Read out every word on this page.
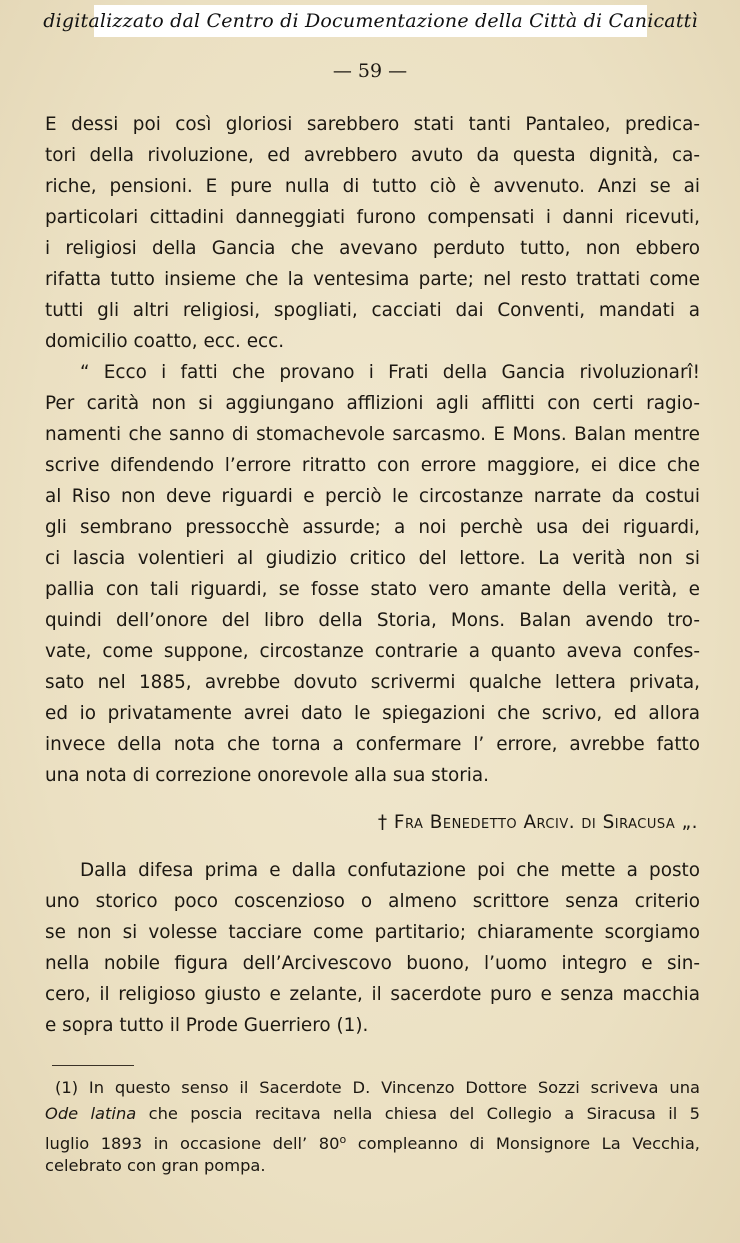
digitalizzato dal Centro di Documentazione della Città di Canicattì
— 59 —
E dessi poi così gloriosi sarebbero stati tanti Pantaleo, predica-
tori della rivoluzione, ed avrebbero avuto da questa dignità, ca-
riche, pensioni. E pure nulla di tutto ciò è avvenuto. Anzi se ai
particolari cittadini danneggiati furono compensati i danni ricevuti,
i religiosi della Gancia che avevano perduto tutto, non ebbero
rifatta tutto insieme che la ventesima parte; nel resto trattati come
tutti gli altri religiosi, spogliati, cacciati dai Conventi, mandati a
domicilio coatto, ecc. ecc.
“ Ecco i fatti che provano i Frati della Gancia rivoluzionarî!
Per carità non si aggiungano afflizioni agli afflitti con certi ragio-
namenti che sanno di stomachevole sarcasmo. E Mons. Balan mentre
scrive difendendo l’errore ritratto con errore maggiore, ei dice che
al Riso non deve riguardi e perciò le circostanze narrate da costui
gli sembrano pressocchè assurde; a noi perchè usa dei riguardi,
ci lascia volentieri al giudizio critico del lettore. La verità non si
pallia con tali riguardi, se fosse stato vero amante della verità, e
quindi dell’onore del libro della Storia, Mons. Balan avendo tro-
vate, come suppone, circostanze contrarie a quanto aveva confes-
sato nel 1885, avrebbe dovuto scrivermi qualche lettera privata,
ed io privatamente avrei dato le spiegazioni che scrivo, ed allora
invece della nota che torna a confermare l’ errore, avrebbe fatto
una nota di correzione onorevole alla sua storia.
† Fra Benedetto Arciv. di Siracusa „.
Dalla difesa prima e dalla confutazione poi che mette a posto
uno storico poco coscenzioso o almeno scrittore senza criterio
se non si volesse tacciare come partitario; chiaramente scorgiamo
nella nobile figura dell’Arcivescovo buono, l’uomo integro e sin-
cero, il religioso giusto e zelante, il sacerdote puro e senza macchia
e sopra tutto il Prode Guerriero (1).
(1) In questo senso il Sacerdote D. Vincenzo Dottore Sozzi scriveva una
Ode latina che poscia recitava nella chiesa del Collegio a Siracusa il 5
luglio 1893 in occasione dell’ 80$^o$ compleanno di Monsignore La Vecchia,
celebrato con gran pompa.
